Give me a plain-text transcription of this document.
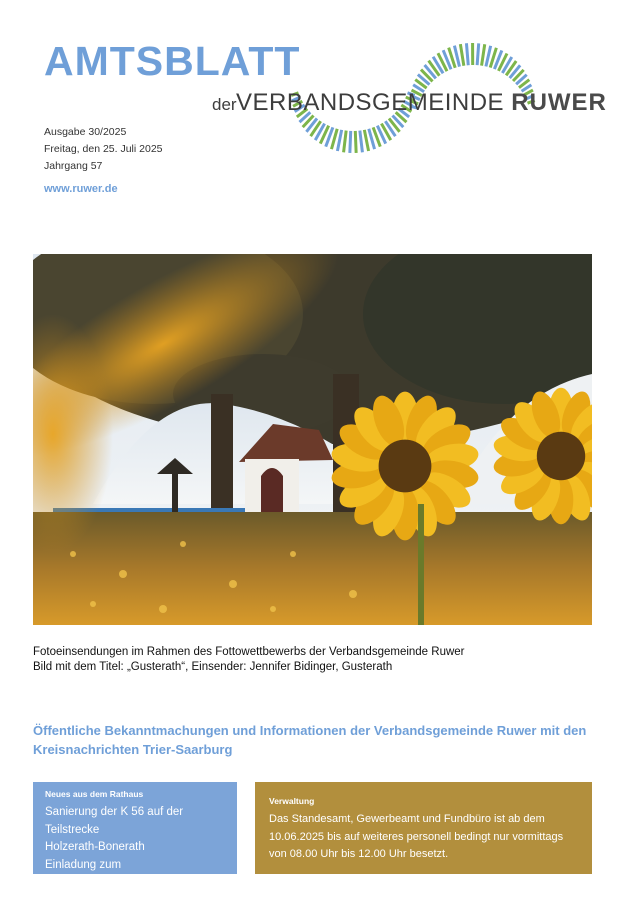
AMTSBLATT
der VERBANDSGEMEINDE RUWER
Ausgabe 30/2025
Freitag, den 25. Juli 2025
Jahrgang 57
www.ruwer.de
Fotoeinsendungen im Rahmen des Fottowettbewerbs der Verbandsgemeinde Ruwer
Bild mit dem Titel: „Gusterath“, Einsender: Jennifer Bidinger, Gusterath
Öffentliche Bekanntmachungen und Informationen der Verbandsgemeinde Ruwer mit den Kreisnachrichten Trier-Saarburg
Neues aus dem Rathaus
Sanierung der K 56 auf der Teilstrecke
Holzerath-Bonerath
Einladung zum Seniorennachmittag
der VG Ruwer
Verwaltung
Das Standesamt, Gewerbeamt und Fundbüro ist ab dem 10.06.2025 bis auf weiteres personell bedingt nur vormittags von 08.00 Uhr bis 12.00 Uhr besetzt.
